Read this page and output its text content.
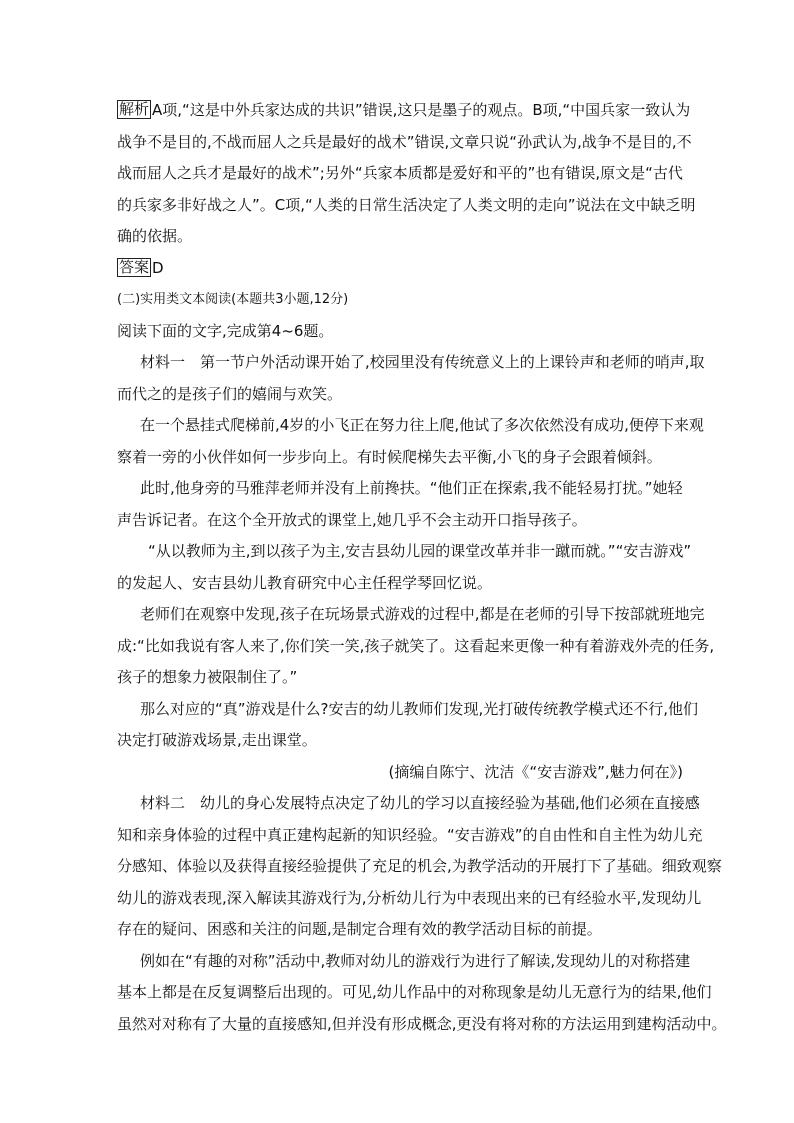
解析 A项,“这是中外兵家达成的共识”错误,这只是墨子的观点。B项,“中国兵家一致认为
战争不是目的,不战而屈人之兵是最好的战术”错误,文章只说“孙武认为,战争不是目的,不
战而屈人之兵才是最好的战术”;另外“兵家本质都是爱好和平的”也有错误,原文是“古代
的兵家多非好战之人”。C项,“人类的日常生活决定了人类文明的走向”说法在文中缺乏明
确的依据。
答案 D
(二)实用类文本阅读(本题共3小题,12分)
阅读下面的文字,完成第4~6题。
材料一　第一节户外活动课开始了,校园里没有传统意义上的上课铃声和老师的哨声,取
而代之的是孩子们的嬉闹与欢笑。
在一个悬挂式爬梯前,4岁的小飞正在努力往上爬,他试了多次依然没有成功,便停下来观
察着一旁的小伙伴如何一步步向上。有时候爬梯失去平衡,小飞的身子会跟着倾斜。
此时,他身旁的马雅萍老师并没有上前搀扶。“他们正在探索,我不能轻易打扰。”她轻
声告诉记者。在这个全开放式的课堂上,她几乎不会主动开口指导孩子。
“从以教师为主,到以孩子为主,安吉县幼儿园的课堂改革并非一蹴而就。”“安吉游戏”
的发起人、安吉县幼儿教育研究中心主任程学琴回忆说。
老师们在观察中发现,孩子在玩场景式游戏的过程中,都是在老师的引导下按部就班地完
成:“比如我说有客人来了,你们笑一笑,孩子就笑了。这看起来更像一种有着游戏外壳的任务,
孩子的想象力被限制住了。”
那么对应的“真”游戏是什么?安吉的幼儿教师们发现,光打破传统教学模式还不行,他们
决定打破游戏场景,走出课堂。
(摘编自陈宁、沈洁《“安吉游戏”,魅力何在》)
材料二　幼儿的身心发展特点决定了幼儿的学习以直接经验为基础,他们必须在直接感
知和亲身体验的过程中真正建构起新的知识经验。“安吉游戏”的自由性和自主性为幼儿充
分感知、体验以及获得直接经验提供了充足的机会,为教学活动的开展打下了基础。细致观察
幼儿的游戏表现,深入解读其游戏行为,分析幼儿行为中表现出来的已有经验水平,发现幼儿
存在的疑问、困惑和关注的问题,是制定合理有效的教学活动目标的前提。
例如在“有趣的对称”活动中,教师对幼儿的游戏行为进行了解读,发现幼儿的对称搭建
基本上都是在反复调整后出现的。可见,幼儿作品中的对称现象是幼儿无意行为的结果,他们
虽然对对称有了大量的直接感知,但并没有形成概念,更没有将对称的方法运用到建构活动中。
